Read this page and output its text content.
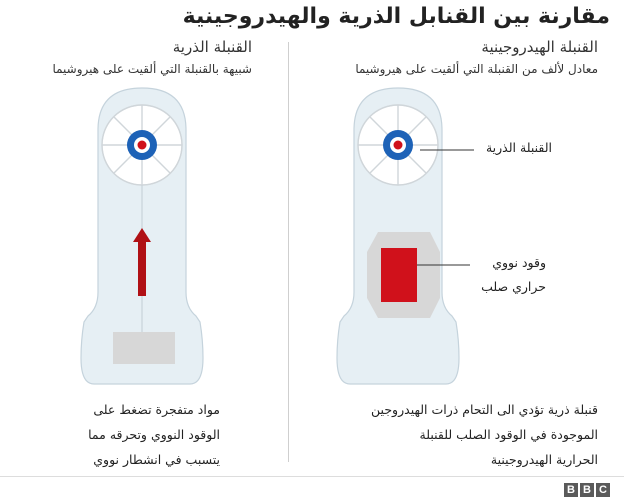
مقارنة بين القنابل الذرية والهيدروجينية
القنبلة الهيدروجينية
معادل لألف من القنبلة التي ألقيت على هيروشيما
القنبلة الذرية
شبيهة بالقنبلة التي ألقيت على هيروشيما
القنبلة الذرية
وقود نووي
حراري صلب
قنبلة ذرية تؤدي الى التحام ذرات الهيدروجين
الموجودة في الوقود الصلب للقنبلة
الحرارية الهيدروجينية
مواد متفجرة تضغط على
الوقود النووي وتحرقه مما
يتسبب في انشطار نووي
B B C
